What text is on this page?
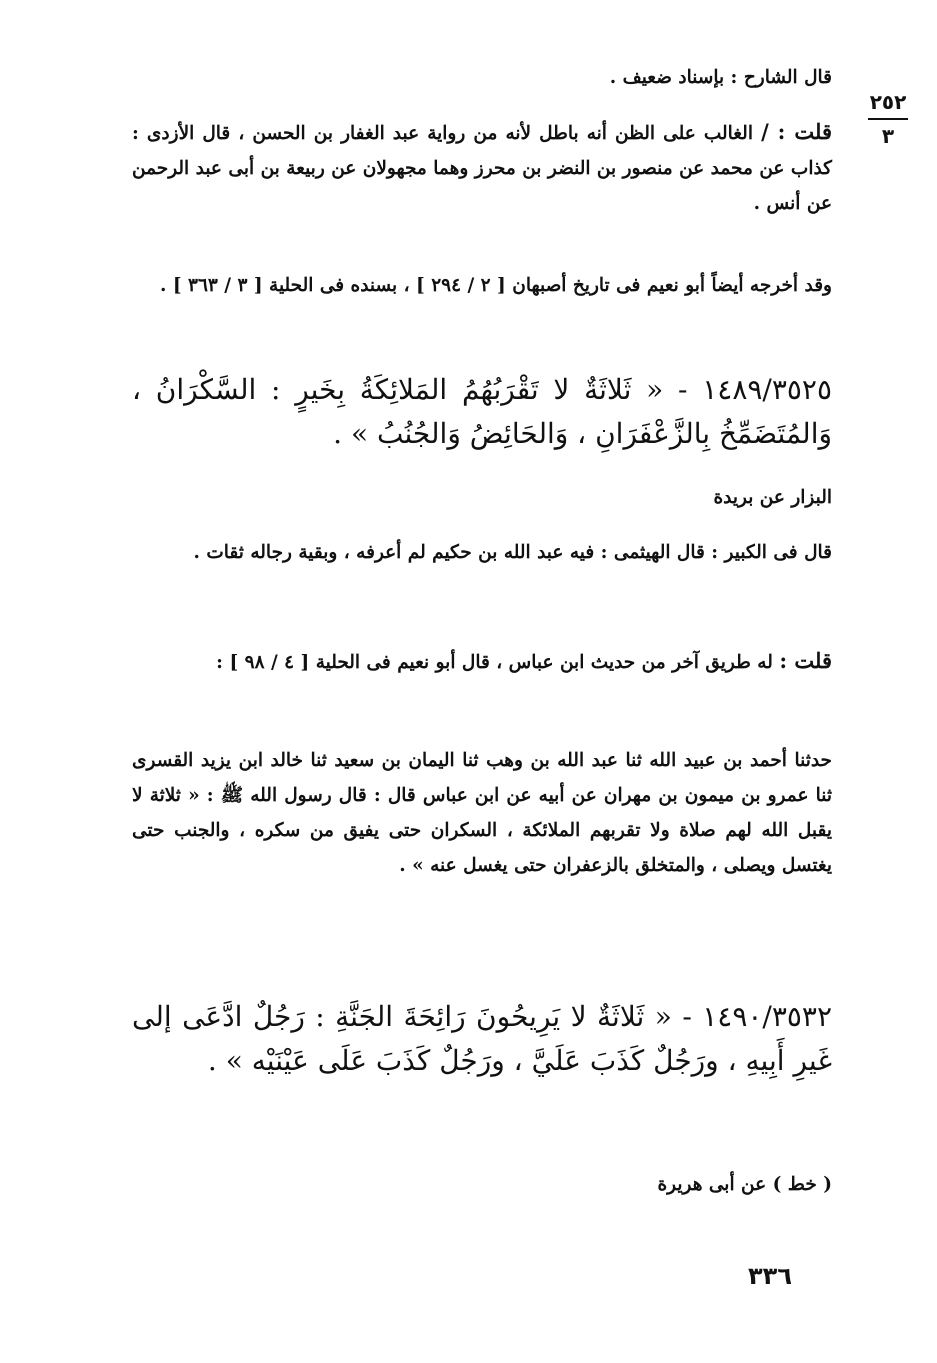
٢٥٢
٣
قال الشارح : بإسناد ضعيف .
قلت : / الغالب على الظن أنه باطل لأنه من رواية عبد الغفار بن الحسن ، قال الأزدى : كذاب عن محمد عن منصور بن النضر بن محرز وهما مجهولان عن ربيعة بن أبى عبد الرحمن عن أنس .
وقد أخرجه أيضاً أبو نعيم فى تاريخ أصبهان [ ٢ / ٢٩٤ ] ، بسنده فى الحلية [ ٣ / ٣٦٣ ] .
١٤٨٩/٣٥٢٥ - « ثَلاثَةٌ لا تَقْرَبُهُمُ المَلائِكَةُ بِخَيرٍ : السَّكْرَانُ ، وَالمُتَضَمِّخُ بِالزَّعْفَرَانِ ، وَالحَائِضُ وَالجُنُبُ » .
البزار عن بريدة
قال فى الكبير : قال الهيثمى : فيه عبد الله بن حكيم لم أعرفه ، وبقية رجاله ثقات .
قلت : له طريق آخر من حديث ابن عباس ، قال أبو نعيم فى الحلية [ ٤ / ٩٨ ] :
حدثنا أحمد بن عبيد الله ثنا عبد الله بن وهب ثنا اليمان بن سعيد ثنا خالد ابن يزيد القسرى ثنا عمرو بن ميمون بن مهران عن أبيه عن ابن عباس قال : قال رسول الله ﷺ : « ثلاثة لا يقبل الله لهم صلاة ولا تقربهم الملائكة ، السكران حتى يفيق من سكره ، والجنب حتى يغتسل ويصلى ، والمتخلق بالزعفران حتى يغسل عنه » .
١٤٩٠/٣٥٣٢ - « ثَلاثَةٌ لا يَرِيحُونَ رَائِحَةَ الجَنَّةِ : رَجُلٌ ادَّعَى إلى غَيرِ أَبِيهِ ، ورَجُلٌ كَذَبَ عَلَيَّ ، ورَجُلٌ كَذَبَ عَلَى عَيْنَيْه » .
( خط ) عن أبى هريرة
٣٣٦
